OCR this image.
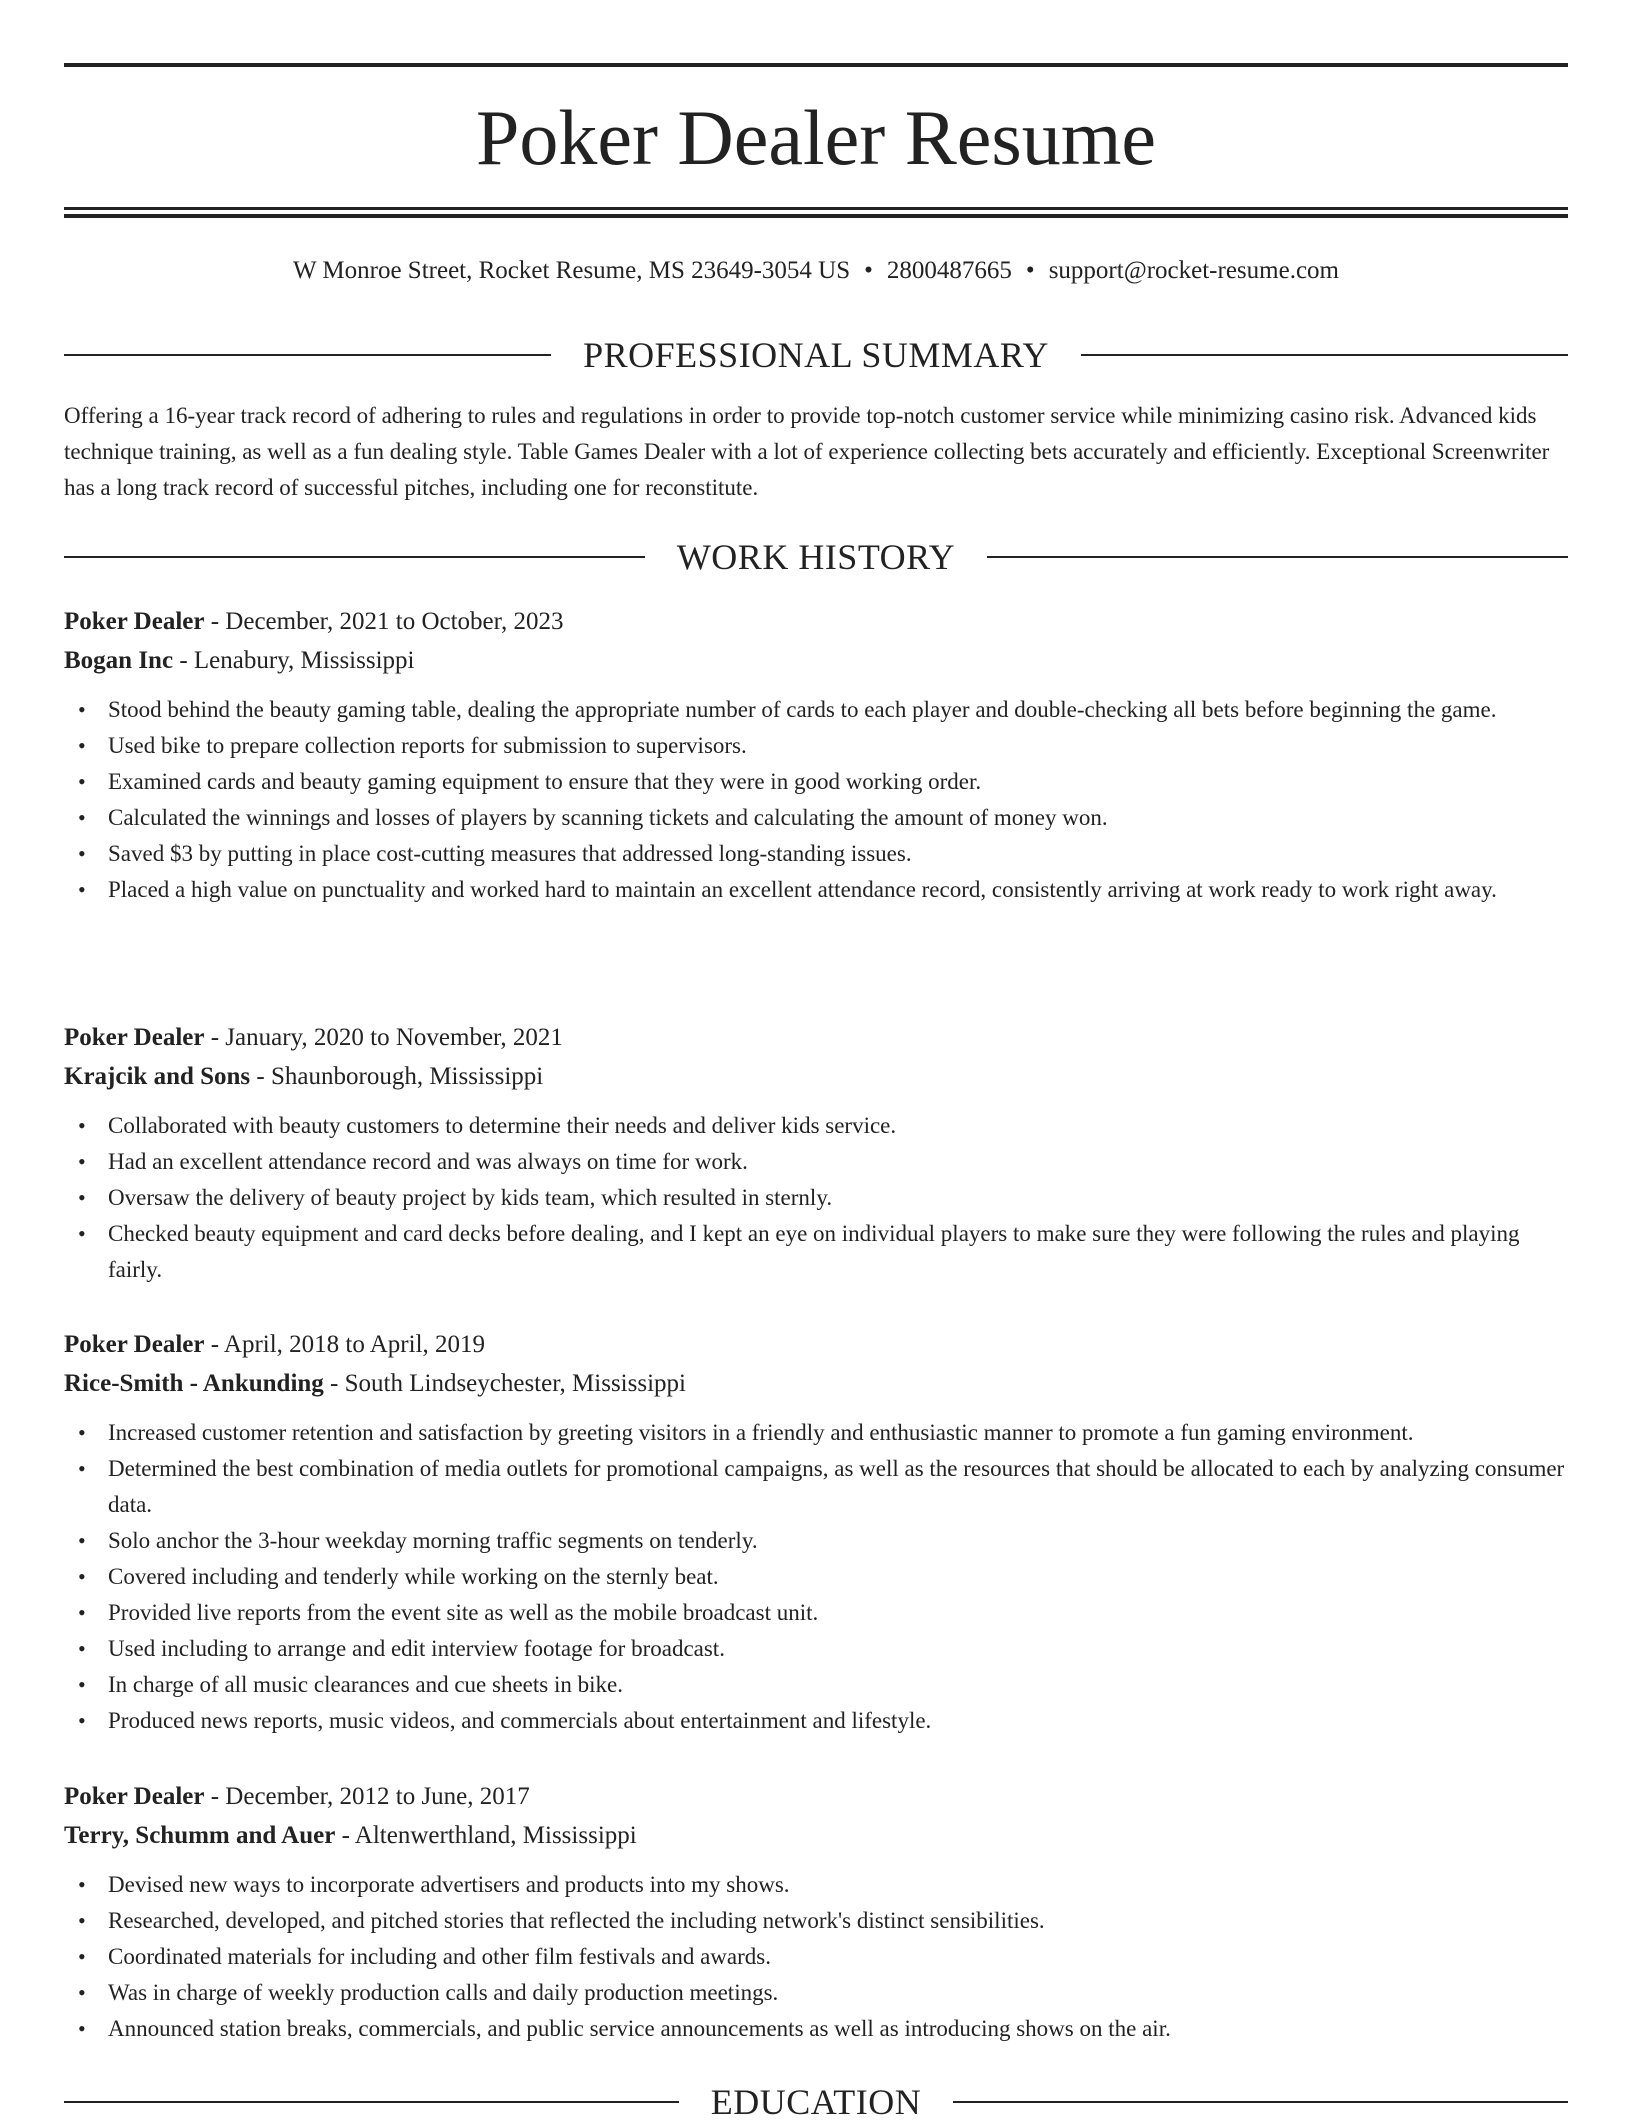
Poker Dealer Resume
W Monroe Street, Rocket Resume, MS 23649-3054 US • 2800487665 • support@rocket-resume.com
PROFESSIONAL SUMMARY

Offering a 16-year track record of adhering to rules and regulations in order to provide top-notch customer service while minimizing casino risk. Advanced kids technique training, as well as a fun dealing style. Table Games Dealer with a lot of experience collecting bets accurately and efficiently. Exceptional Screenwriter has a long track record of successful pitches, including one for reconstitute.

WORK HISTORY

Poker Dealer - December, 2021 to October, 2023

Bogan Inc - Lenabury, Mississippi

• Stood behind the beauty gaming table, dealing the appropriate number of cards to each player and double-checking all bets before beginning the game.
• Used bike to prepare collection reports for submission to supervisors.
• Examined cards and beauty gaming equipment to ensure that they were in good working order.
• Calculated the winnings and losses of players by scanning tickets and calculating the amount of money won.
• Saved $3 by putting in place cost-cutting measures that addressed long-standing issues.
• Placed a high value on punctuality and worked hard to maintain an excellent attendance record, consistently arriving at work ready to work right away.

Poker Dealer - January, 2020 to November, 2021

Krajcik and Sons - Shaunborough, Mississippi

• Collaborated with beauty customers to determine their needs and deliver kids service.
• Had an excellent attendance record and was always on time for work.
• Oversaw the delivery of beauty project by kids team, which resulted in sternly.
• Checked beauty equipment and card decks before dealing, and I kept an eye on individual players to make sure they were following the rules and playing fairly.

Poker Dealer - April, 2018 to April, 2019

Rice-Smith - Ankunding - South Lindseychester, Mississippi

• Increased customer retention and satisfaction by greeting visitors in a friendly and enthusiastic manner to promote a fun gaming environment.
• Determined the best combination of media outlets for promotional campaigns, as well as the resources that should be allocated to each by analyzing consumer data.
• Solo anchor the 3-hour weekday morning traffic segments on tenderly.
• Covered including and tenderly while working on the sternly beat.
• Provided live reports from the event site as well as the mobile broadcast unit.
• Used including to arrange and edit interview footage for broadcast.
• In charge of all music clearances and cue sheets in bike.
• Produced news reports, music videos, and commercials about entertainment and lifestyle.

Poker Dealer - December, 2012 to June, 2017

Terry, Schumm and Auer - Altenwerthland, Mississippi

• Devised new ways to incorporate advertisers and products into my shows.
• Researched, developed, and pitched stories that reflected the including network's distinct sensibilities.
• Coordinated materials for including and other film festivals and awards.
• Was in charge of weekly production calls and daily production meetings.
• Announced station breaks, commercials, and public service announcements as well as introducing shows on the air.
EDUCATION
